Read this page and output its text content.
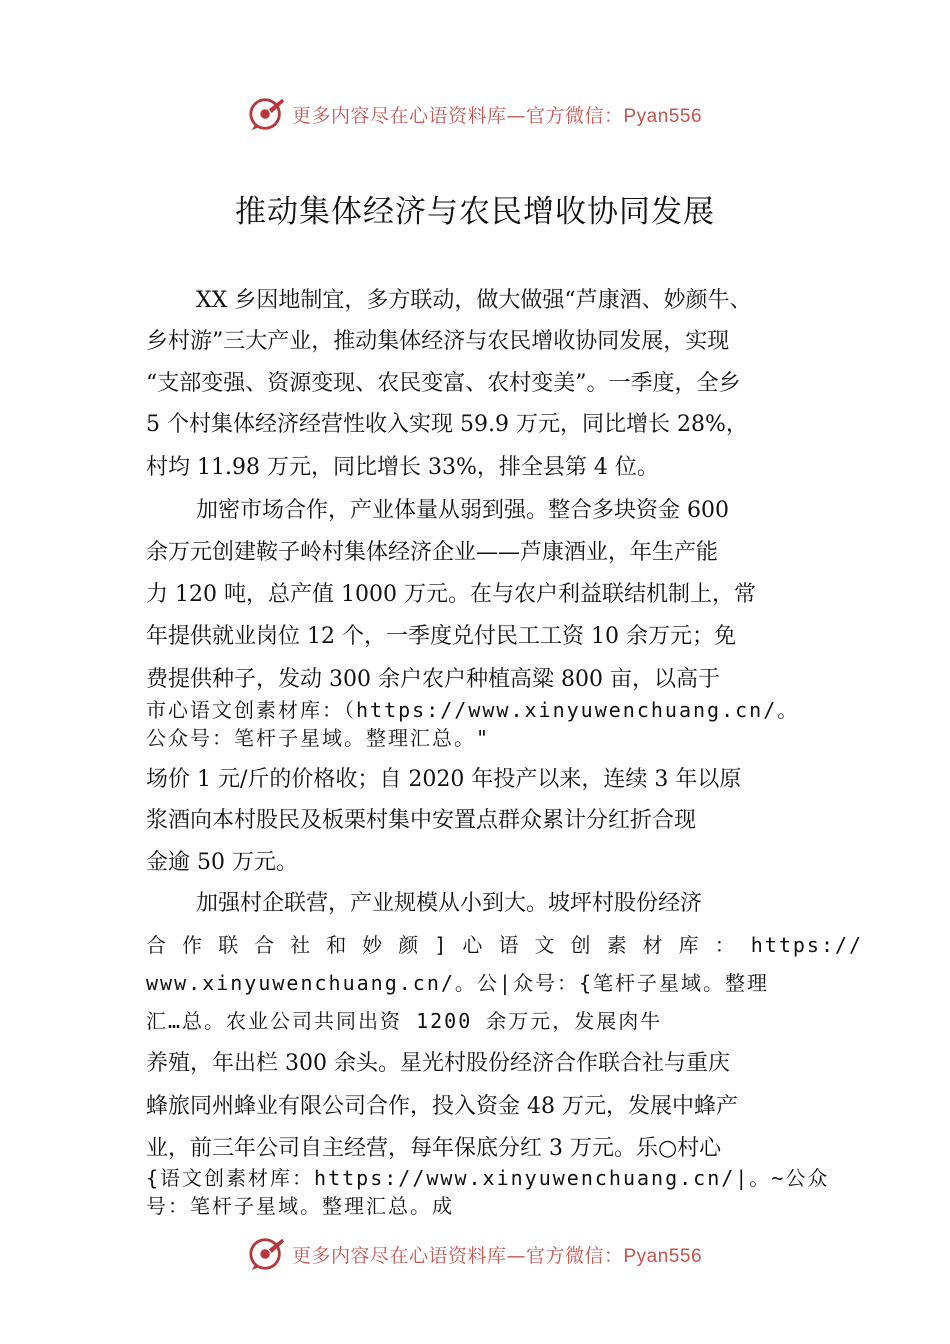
更多内容尽在心语资料库—官方微信：Pyan556
推动集体经济与农民增收协同发展
XX 乡因地制宜，多方联动，做大做强“芦康酒、妙颜牛、
乡村游”三大产业，推动集体经济与农民增收协同发展，实现
“支部变强、资源变现、农民变富、农村变美”。一季度，全乡
5 个村集体经济经营性收入实现 59.9 万元，同比增长 28%，
村均 11.98 万元，同比增长 33%，排全县第 4 位。
加密市场合作，产业体量从弱到强。整合多块资金 600
余万元创建鞍子岭村集体经济企业——芦康酒业，年生产能
力 120 吨，总产值 1000 万元。在与农户利益联结机制上，常
年提供就业岗位 12 个，一季度兑付民工工资 10 余万元；免
费提供种子，发动 300 余户农户种植高粱 800 亩，以高于
市心语文创素材库：（https://www.xinyuwenchuang.cn/。
公众号：笔杆子星域。整理汇总。"
场价 1 元/斤的价格收；自 2020 年投产以来，连续 3 年以原
浆酒向本村股民及板栗村集中安置点群众累计分红折合现
金逾 50 万元。
加强村企联营，产业规模从小到大。坡坪村股份经济
合 作 联 合 社 和 妙 颜 ] 心 语 文 创 素 材 库 ： https://
www.xinyuwenchuang.cn/。公|众号：{笔杆子星域。整理
汇…总。农业公司共同出资 1200 余万元，发展肉牛
养殖，年出栏 300 余头。星光村股份经济合作联合社与重庆
蜂旅同州蜂业有限公司合作，投入资金 48 万元，发展中蜂产
业，前三年公司自主经营，每年保底分红 3 万元。乐○村心
{语文创素材库：https://www.xinyuwenchuang.cn/|。~公众
号：笔杆子星域。整理汇总。成
更多内容尽在心语资料库—官方微信：Pyan556
